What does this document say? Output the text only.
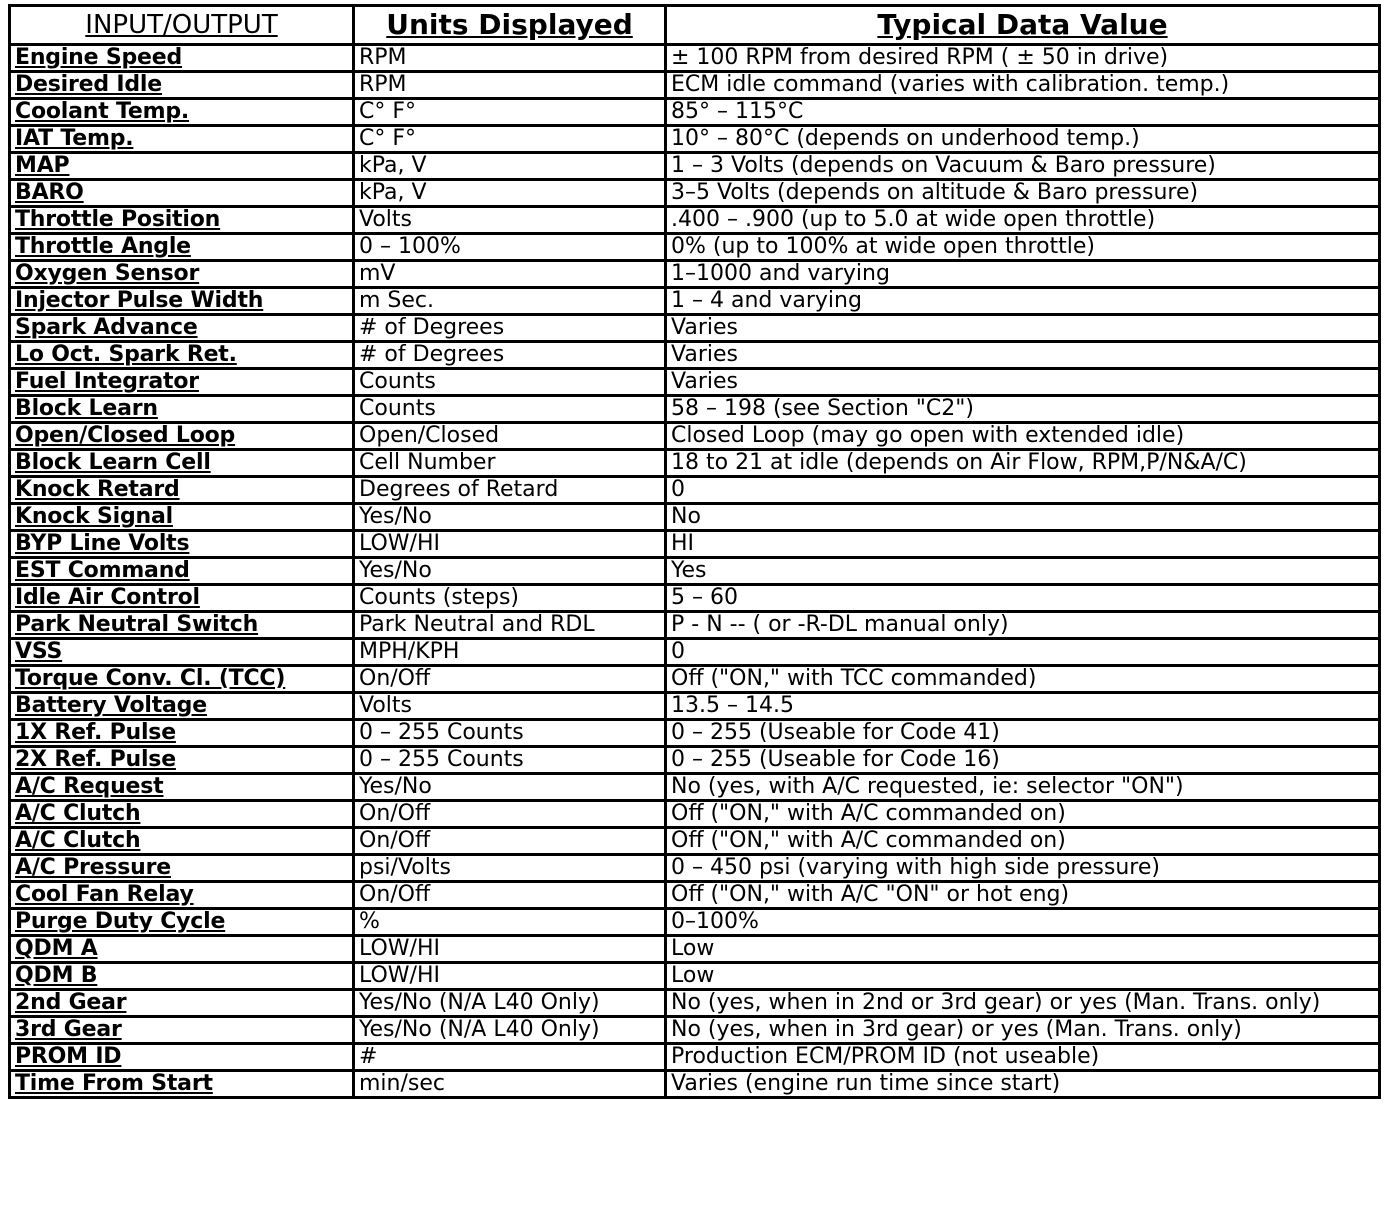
INPUT/OUTPUT	Units Displayed	Typical Data Value
Engine Speed	RPM	± 100 RPM from desired RPM ( ± 50 in drive)
Desired Idle	RPM	ECM idle command (varies with calibration. temp.)
Coolant Temp.	C° F°	85° – 115°C
IAT Temp.	C° F°	10° – 80°C (depends on underhood temp.)
MAP	kPa, V	1 – 3 Volts (depends on Vacuum & Baro pressure)
BARO	kPa, V	3–5 Volts (depends on altitude & Baro pressure)
Throttle Position	Volts	.400 – .900 (up to 5.0 at wide open throttle)
Throttle Angle	0 – 100%	0% (up to 100% at wide open throttle)
Oxygen Sensor	mV	1–1000 and varying
Injector Pulse Width	m Sec.	1 – 4 and varying
Spark Advance	# of Degrees	Varies
Lo Oct. Spark Ret.	# of Degrees	Varies
Fuel Integrator	Counts	Varies
Block Learn	Counts	58 – 198 (see Section "C2")
Open/Closed Loop	Open/Closed	Closed Loop (may go open with extended idle)
Block Learn Cell	Cell Number	18 to 21 at idle (depends on Air Flow, RPM,P/N&A/C)
Knock Retard	Degrees of Retard	0
Knock Signal	Yes/No	No
BYP Line Volts	LOW/HI	HI
EST Command	Yes/No	Yes
Idle Air Control	Counts (steps)	5 – 60
Park Neutral Switch	Park Neutral and RDL	P - N -- ( or -R-DL manual only)
VSS	MPH/KPH	0
Torque Conv. Cl. (TCC)	On/Off	Off ("ON," with TCC commanded)
Battery Voltage	Volts	13.5 – 14.5
1X Ref. Pulse	0 – 255 Counts	0 – 255 (Useable for Code 41)
2X Ref. Pulse	0 – 255 Counts	0 – 255 (Useable for Code 16)
A/C Request	Yes/No	No (yes, with A/C requested, ie: selector "ON")
A/C Clutch	On/Off	Off ("ON," with A/C commanded on)
A/C Clutch	On/Off	Off ("ON," with A/C commanded on)
A/C Pressure	psi/Volts	0 – 450 psi (varying with high side pressure)
Cool Fan Relay	On/Off	Off ("ON," with A/C "ON" or hot eng)
Purge Duty Cycle	%	0–100%
QDM A	LOW/HI	Low
QDM B	LOW/HI	Low
2nd Gear	Yes/No (N/A L40 Only)	No (yes, when in 2nd or 3rd gear) or yes (Man. Trans. only)
3rd Gear	Yes/No (N/A L40 Only)	No (yes, when in 3rd gear) or yes (Man. Trans. only)
PROM ID	#	Production ECM/PROM ID (not useable)
Time From Start	min/sec	Varies (engine run time since start)
